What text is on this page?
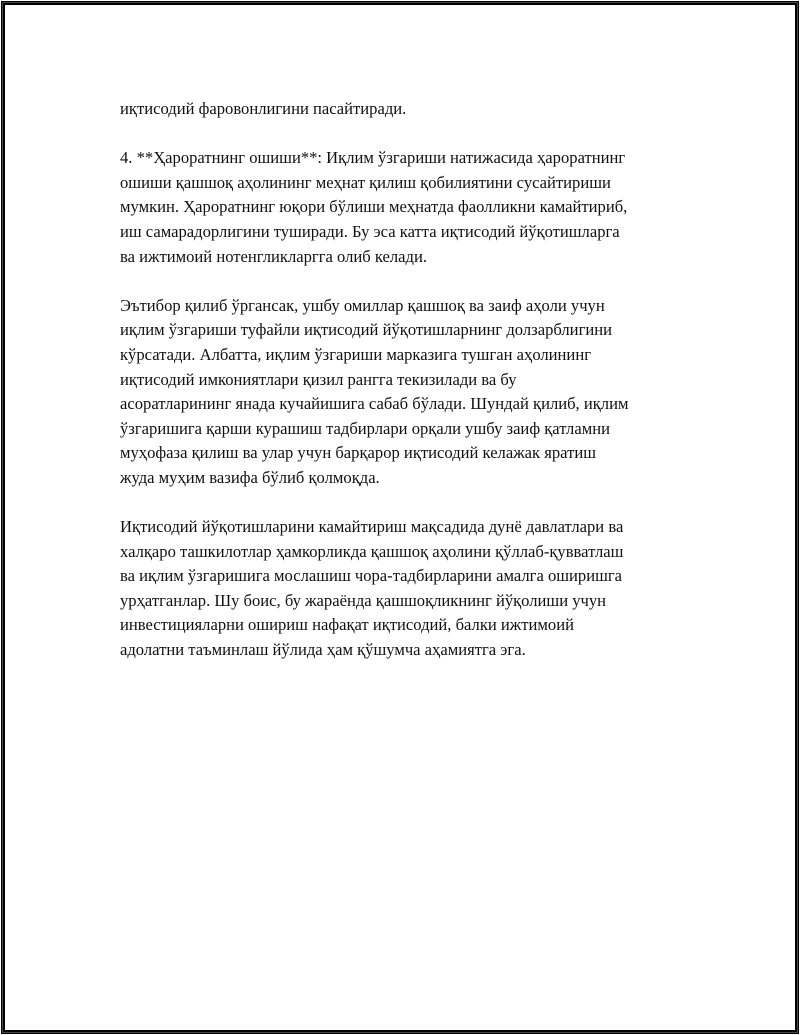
иқтисодий фаровонлигини пасайтиради.

4. **Ҳароратнинг ошиши**: Иқлим ўзгариши натижасида ҳароратнинг
ошиши қашшоқ аҳолининг меҳнат қилиш қобилиятини сусайтириши
мумкин. Ҳароратнинг юқори бўлиши меҳнатда фаолликни камайтириб,
иш самарадорлигини туширади. Бу эса катта иқтисодий йўқотишларга
ва ижтимоий нотенгликларгга олиб келади.

Эътибор қилиб ўргансак, ушбу омиллар қашшоқ ва заиф аҳоли учун
иқлим ўзгариши туфайли иқтисодий йўқотишларнинг долзарблигини
кўрсатади. Албатта, иқлим ўзгариши марказига тушган аҳолининг
иқтисодий имкониятлари қизил рангга текизилади ва бу
асоратларининг янада кучайишига сабаб бўлади. Шундай қилиб, иқлим
ўзгаришига қарши курашиш тадбирлари орқали ушбу заиф қатламни
муҳофаза қилиш ва улар учун барқарор иқтисодий келажак яратиш
жуда муҳим вазифа бўлиб қолмоқда.

Иқтисодий йўқотишларини камайтириш мақсадида дунё давлатлари ва
халқаро ташкилотлар ҳамкорликда қашшоқ аҳолини қўллаб-қувватлаш
ва иқлим ўзгаришига мослашиш чора-тадбирларини амалга оширишга
урҳатганлар. Шу боис, бу жараёнда қашшоқликнинг йўқолиши учун
инвестицияларни ошириш нафақат иқтисодий, балки ижтимоий
адолатни таъминлаш йўлида ҳам қўшумча аҳамиятга эга.
